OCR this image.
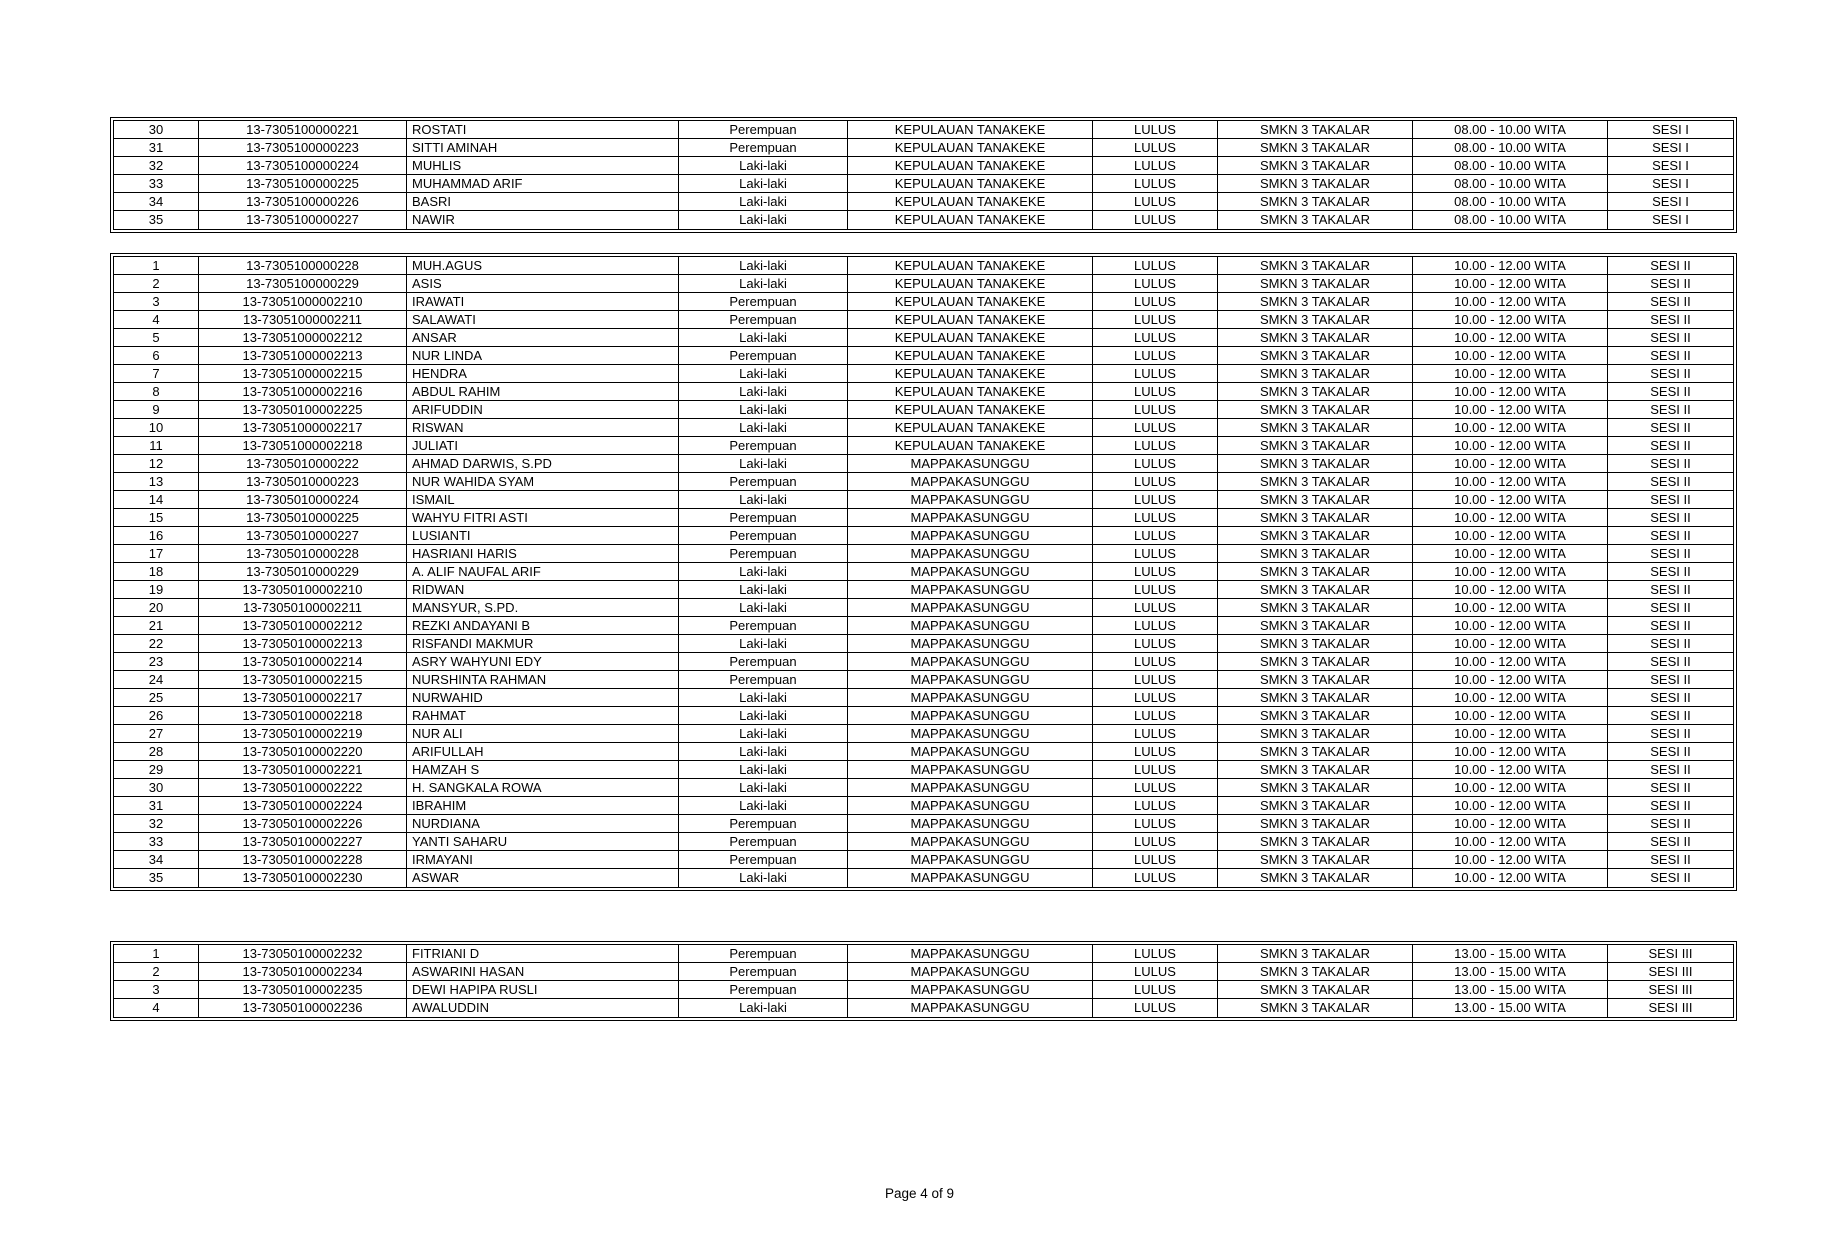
30	13-7305100000221	ROSTATI	Perempuan	KEPULAUAN TANAKEKE	LULUS	SMKN 3 TAKALAR	08.00 - 10.00 WITA	SESI I
31	13-7305100000223	SITTI AMINAH	Perempuan	KEPULAUAN TANAKEKE	LULUS	SMKN 3 TAKALAR	08.00 - 10.00 WITA	SESI I
32	13-7305100000224	MUHLIS	Laki-laki	KEPULAUAN TANAKEKE	LULUS	SMKN 3 TAKALAR	08.00 - 10.00 WITA	SESI I
33	13-7305100000225	MUHAMMAD ARIF	Laki-laki	KEPULAUAN TANAKEKE	LULUS	SMKN 3 TAKALAR	08.00 - 10.00 WITA	SESI I
34	13-7305100000226	BASRI	Laki-laki	KEPULAUAN TANAKEKE	LULUS	SMKN 3 TAKALAR	08.00 - 10.00 WITA	SESI I
35	13-7305100000227	NAWIR	Laki-laki	KEPULAUAN TANAKEKE	LULUS	SMKN 3 TAKALAR	08.00 - 10.00 WITA	SESI I
1	13-7305100000228	MUH.AGUS	Laki-laki	KEPULAUAN TANAKEKE	LULUS	SMKN 3 TAKALAR	10.00 - 12.00 WITA	SESI II
2	13-7305100000229	ASIS	Laki-laki	KEPULAUAN TANAKEKE	LULUS	SMKN 3 TAKALAR	10.00 - 12.00 WITA	SESI II
3	13-73051000002210	IRAWATI	Perempuan	KEPULAUAN TANAKEKE	LULUS	SMKN 3 TAKALAR	10.00 - 12.00 WITA	SESI II
4	13-73051000002211	SALAWATI	Perempuan	KEPULAUAN TANAKEKE	LULUS	SMKN 3 TAKALAR	10.00 - 12.00 WITA	SESI II
5	13-73051000002212	ANSAR	Laki-laki	KEPULAUAN TANAKEKE	LULUS	SMKN 3 TAKALAR	10.00 - 12.00 WITA	SESI II
6	13-73051000002213	NUR LINDA	Perempuan	KEPULAUAN TANAKEKE	LULUS	SMKN 3 TAKALAR	10.00 - 12.00 WITA	SESI II
7	13-73051000002215	HENDRA	Laki-laki	KEPULAUAN TANAKEKE	LULUS	SMKN 3 TAKALAR	10.00 - 12.00 WITA	SESI II
8	13-73051000002216	ABDUL RAHIM	Laki-laki	KEPULAUAN TANAKEKE	LULUS	SMKN 3 TAKALAR	10.00 - 12.00 WITA	SESI II
9	13-73050100002225	ARIFUDDIN	Laki-laki	KEPULAUAN TANAKEKE	LULUS	SMKN 3 TAKALAR	10.00 - 12.00 WITA	SESI II
10	13-73051000002217	RISWAN	Laki-laki	KEPULAUAN TANAKEKE	LULUS	SMKN 3 TAKALAR	10.00 - 12.00 WITA	SESI II
11	13-73051000002218	JULIATI	Perempuan	KEPULAUAN TANAKEKE	LULUS	SMKN 3 TAKALAR	10.00 - 12.00 WITA	SESI II
12	13-7305010000222	AHMAD DARWIS, S.PD	Laki-laki	MAPPAKASUNGGU	LULUS	SMKN 3 TAKALAR	10.00 - 12.00 WITA	SESI II
13	13-7305010000223	NUR WAHIDA SYAM	Perempuan	MAPPAKASUNGGU	LULUS	SMKN 3 TAKALAR	10.00 - 12.00 WITA	SESI II
14	13-7305010000224	ISMAIL	Laki-laki	MAPPAKASUNGGU	LULUS	SMKN 3 TAKALAR	10.00 - 12.00 WITA	SESI II
15	13-7305010000225	WAHYU FITRI ASTI	Perempuan	MAPPAKASUNGGU	LULUS	SMKN 3 TAKALAR	10.00 - 12.00 WITA	SESI II
16	13-7305010000227	LUSIANTI	Perempuan	MAPPAKASUNGGU	LULUS	SMKN 3 TAKALAR	10.00 - 12.00 WITA	SESI II
17	13-7305010000228	HASRIANI HARIS	Perempuan	MAPPAKASUNGGU	LULUS	SMKN 3 TAKALAR	10.00 - 12.00 WITA	SESI II
18	13-7305010000229	A. ALIF NAUFAL ARIF	Laki-laki	MAPPAKASUNGGU	LULUS	SMKN 3 TAKALAR	10.00 - 12.00 WITA	SESI II
19	13-73050100002210	RIDWAN	Laki-laki	MAPPAKASUNGGU	LULUS	SMKN 3 TAKALAR	10.00 - 12.00 WITA	SESI II
20	13-73050100002211	MANSYUR, S.PD.	Laki-laki	MAPPAKASUNGGU	LULUS	SMKN 3 TAKALAR	10.00 - 12.00 WITA	SESI II
21	13-73050100002212	REZKI ANDAYANI B	Perempuan	MAPPAKASUNGGU	LULUS	SMKN 3 TAKALAR	10.00 - 12.00 WITA	SESI II
22	13-73050100002213	RISFANDI MAKMUR	Laki-laki	MAPPAKASUNGGU	LULUS	SMKN 3 TAKALAR	10.00 - 12.00 WITA	SESI II
23	13-73050100002214	ASRY WAHYUNI EDY	Perempuan	MAPPAKASUNGGU	LULUS	SMKN 3 TAKALAR	10.00 - 12.00 WITA	SESI II
24	13-73050100002215	NURSHINTA RAHMAN	Perempuan	MAPPAKASUNGGU	LULUS	SMKN 3 TAKALAR	10.00 - 12.00 WITA	SESI II
25	13-73050100002217	NURWAHID	Laki-laki	MAPPAKASUNGGU	LULUS	SMKN 3 TAKALAR	10.00 - 12.00 WITA	SESI II
26	13-73050100002218	RAHMAT	Laki-laki	MAPPAKASUNGGU	LULUS	SMKN 3 TAKALAR	10.00 - 12.00 WITA	SESI II
27	13-73050100002219	NUR ALI	Laki-laki	MAPPAKASUNGGU	LULUS	SMKN 3 TAKALAR	10.00 - 12.00 WITA	SESI II
28	13-73050100002220	ARIFULLAH	Laki-laki	MAPPAKASUNGGU	LULUS	SMKN 3 TAKALAR	10.00 - 12.00 WITA	SESI II
29	13-73050100002221	HAMZAH S	Laki-laki	MAPPAKASUNGGU	LULUS	SMKN 3 TAKALAR	10.00 - 12.00 WITA	SESI II
30	13-73050100002222	H. SANGKALA ROWA	Laki-laki	MAPPAKASUNGGU	LULUS	SMKN 3 TAKALAR	10.00 - 12.00 WITA	SESI II
31	13-73050100002224	IBRAHIM	Laki-laki	MAPPAKASUNGGU	LULUS	SMKN 3 TAKALAR	10.00 - 12.00 WITA	SESI II
32	13-73050100002226	NURDIANA	Perempuan	MAPPAKASUNGGU	LULUS	SMKN 3 TAKALAR	10.00 - 12.00 WITA	SESI II
33	13-73050100002227	YANTI SAHARU	Perempuan	MAPPAKASUNGGU	LULUS	SMKN 3 TAKALAR	10.00 - 12.00 WITA	SESI II
34	13-73050100002228	IRMAYANI	Perempuan	MAPPAKASUNGGU	LULUS	SMKN 3 TAKALAR	10.00 - 12.00 WITA	SESI II
35	13-73050100002230	ASWAR	Laki-laki	MAPPAKASUNGGU	LULUS	SMKN 3 TAKALAR	10.00 - 12.00 WITA	SESI II
1	13-73050100002232	FITRIANI D	Perempuan	MAPPAKASUNGGU	LULUS	SMKN 3 TAKALAR	13.00 - 15.00 WITA	SESI III
2	13-73050100002234	ASWARINI HASAN	Perempuan	MAPPAKASUNGGU	LULUS	SMKN 3 TAKALAR	13.00 - 15.00 WITA	SESI III
3	13-73050100002235	DEWI HAPIPA RUSLI	Perempuan	MAPPAKASUNGGU	LULUS	SMKN 3 TAKALAR	13.00 - 15.00 WITA	SESI III
4	13-73050100002236	AWALUDDIN	Laki-laki	MAPPAKASUNGGU	LULUS	SMKN 3 TAKALAR	13.00 - 15.00 WITA	SESI III
Page 4 of 9
